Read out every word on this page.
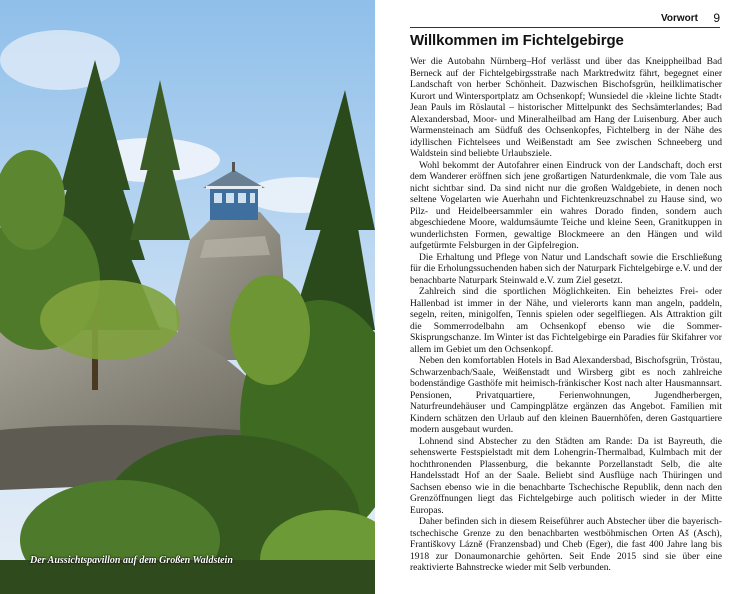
Der Aussichtspavillon auf dem Großen Waldstein
Vorwort 9
Willkommen im Fichtelgebirge

Wer die Autobahn Nürnberg–Hof verlässt und über das Kneippheilbad Bad Berneck auf der Fichtelgebirgsstraße nach Marktredwitz fährt, begegnet einer Landschaft von herber Schönheit. Dazwischen Bischofsgrün, heilklimatischer Kurort und Wintersportplatz am Ochsenkopf; Wunsiedel die ›kleine lichte Stadt‹ Jean Pauls im Röslautal – historischer Mittelpunkt des Sechsämterlandes; Bad Alexandersbad, Moor- und Mineralheilbad am Hang der Luisenburg. Aber auch Warmensteinach am Südfuß des Ochsenkopfes, Fichtelberg in der Nähe des idyllischen Fichtelsees und Weißenstadt am See zwischen Schneeberg und Waldstein sind beliebte Urlaubsziele.

Wohl bekommt der Autofahrer einen Eindruck von der Landschaft, doch erst dem Wanderer eröffnen sich jene großartigen Naturdenkmale, die vom Tale aus nicht sichtbar sind. Da sind nicht nur die großen Waldgebiete, in denen noch seltene Vogelarten wie Auerhahn und Fichtenkreuzschnabel zu Hause sind, wo Pilz- und Heidelbeersammler ein wahres Dorado finden, sondern auch abgeschiedene Moore, waldumsäumte Teiche und kleine Seen, Granitkuppen in wunderlichsten Formen, gewaltige Blockmeere an den Hängen und wild aufgetürmte Felsburgen in der Gipfelregion.

Die Erhaltung und Pflege von Natur und Landschaft sowie die Erschließung für die Erholungssuchenden haben sich der Naturpark Fichtelgebirge e.V. und der benachbarte Naturpark Steinwald e.V. zum Ziel gesetzt.

Zahlreich sind die sportlichen Möglichkeiten. Ein beheiztes Frei- oder Hallenbad ist immer in der Nähe, und vielerorts kann man angeln, paddeln, segeln, reiten, minigolfen, Tennis spielen oder segelfliegen. Als Attraktion gilt die Sommerrodelbahn am Ochsenkopf ebenso wie die Sommer-Skisprungschanze. Im Winter ist das Fichtelgebirge ein Paradies für Skifahrer vor allem im Gebiet um den Ochsenkopf.

Neben den komfortablen Hotels in Bad Alexandersbad, Bischofsgrün, Tröstau, Schwarzenbach/Saale, Weißenstadt und Wirsberg gibt es noch zahlreiche bodenständige Gasthöfe mit heimisch-fränkischer Kost nach alter Hausmannsart. Pensionen, Privatquartiere, Ferienwohnungen, Jugendherbergen, Naturfreundehäuser und Campingplätze ergänzen das Angebot. Familien mit Kindern schätzen den Urlaub auf den kleinen Bauernhöfen, deren Gastquartiere modern ausgebaut wurden.

Lohnend sind Abstecher zu den Städten am Rande: Da ist Bayreuth, die sehenswerte Festspielstadt mit dem Lohengrin-Thermalbad, Kulmbach mit der hochthronenden Plassenburg, die bekannte Porzellanstadt Selb, die alte Handelsstadt Hof an der Saale. Beliebt sind Ausflüge nach Thüringen und Sachsen ebenso wie in die benachbarte Tschechische Republik, denn nach den Grenzöffnungen liegt das Fichtelgebirge auch politisch wieder in der Mitte Europas.

Daher befinden sich in diesem Reiseführer auch Abstecher über die bayerisch-tschechische Grenze zu den benachbarten westböhmischen Orten Aš (Asch), Františkovy Lázně (Franzensbad) und Cheb (Eger), die fast 400 Jahre lang bis 1918 zur Donaumonarchie gehörten. Seit Ende 2015 sind sie über eine reaktivierte Bahnstrecke wieder mit Selb verbunden.
